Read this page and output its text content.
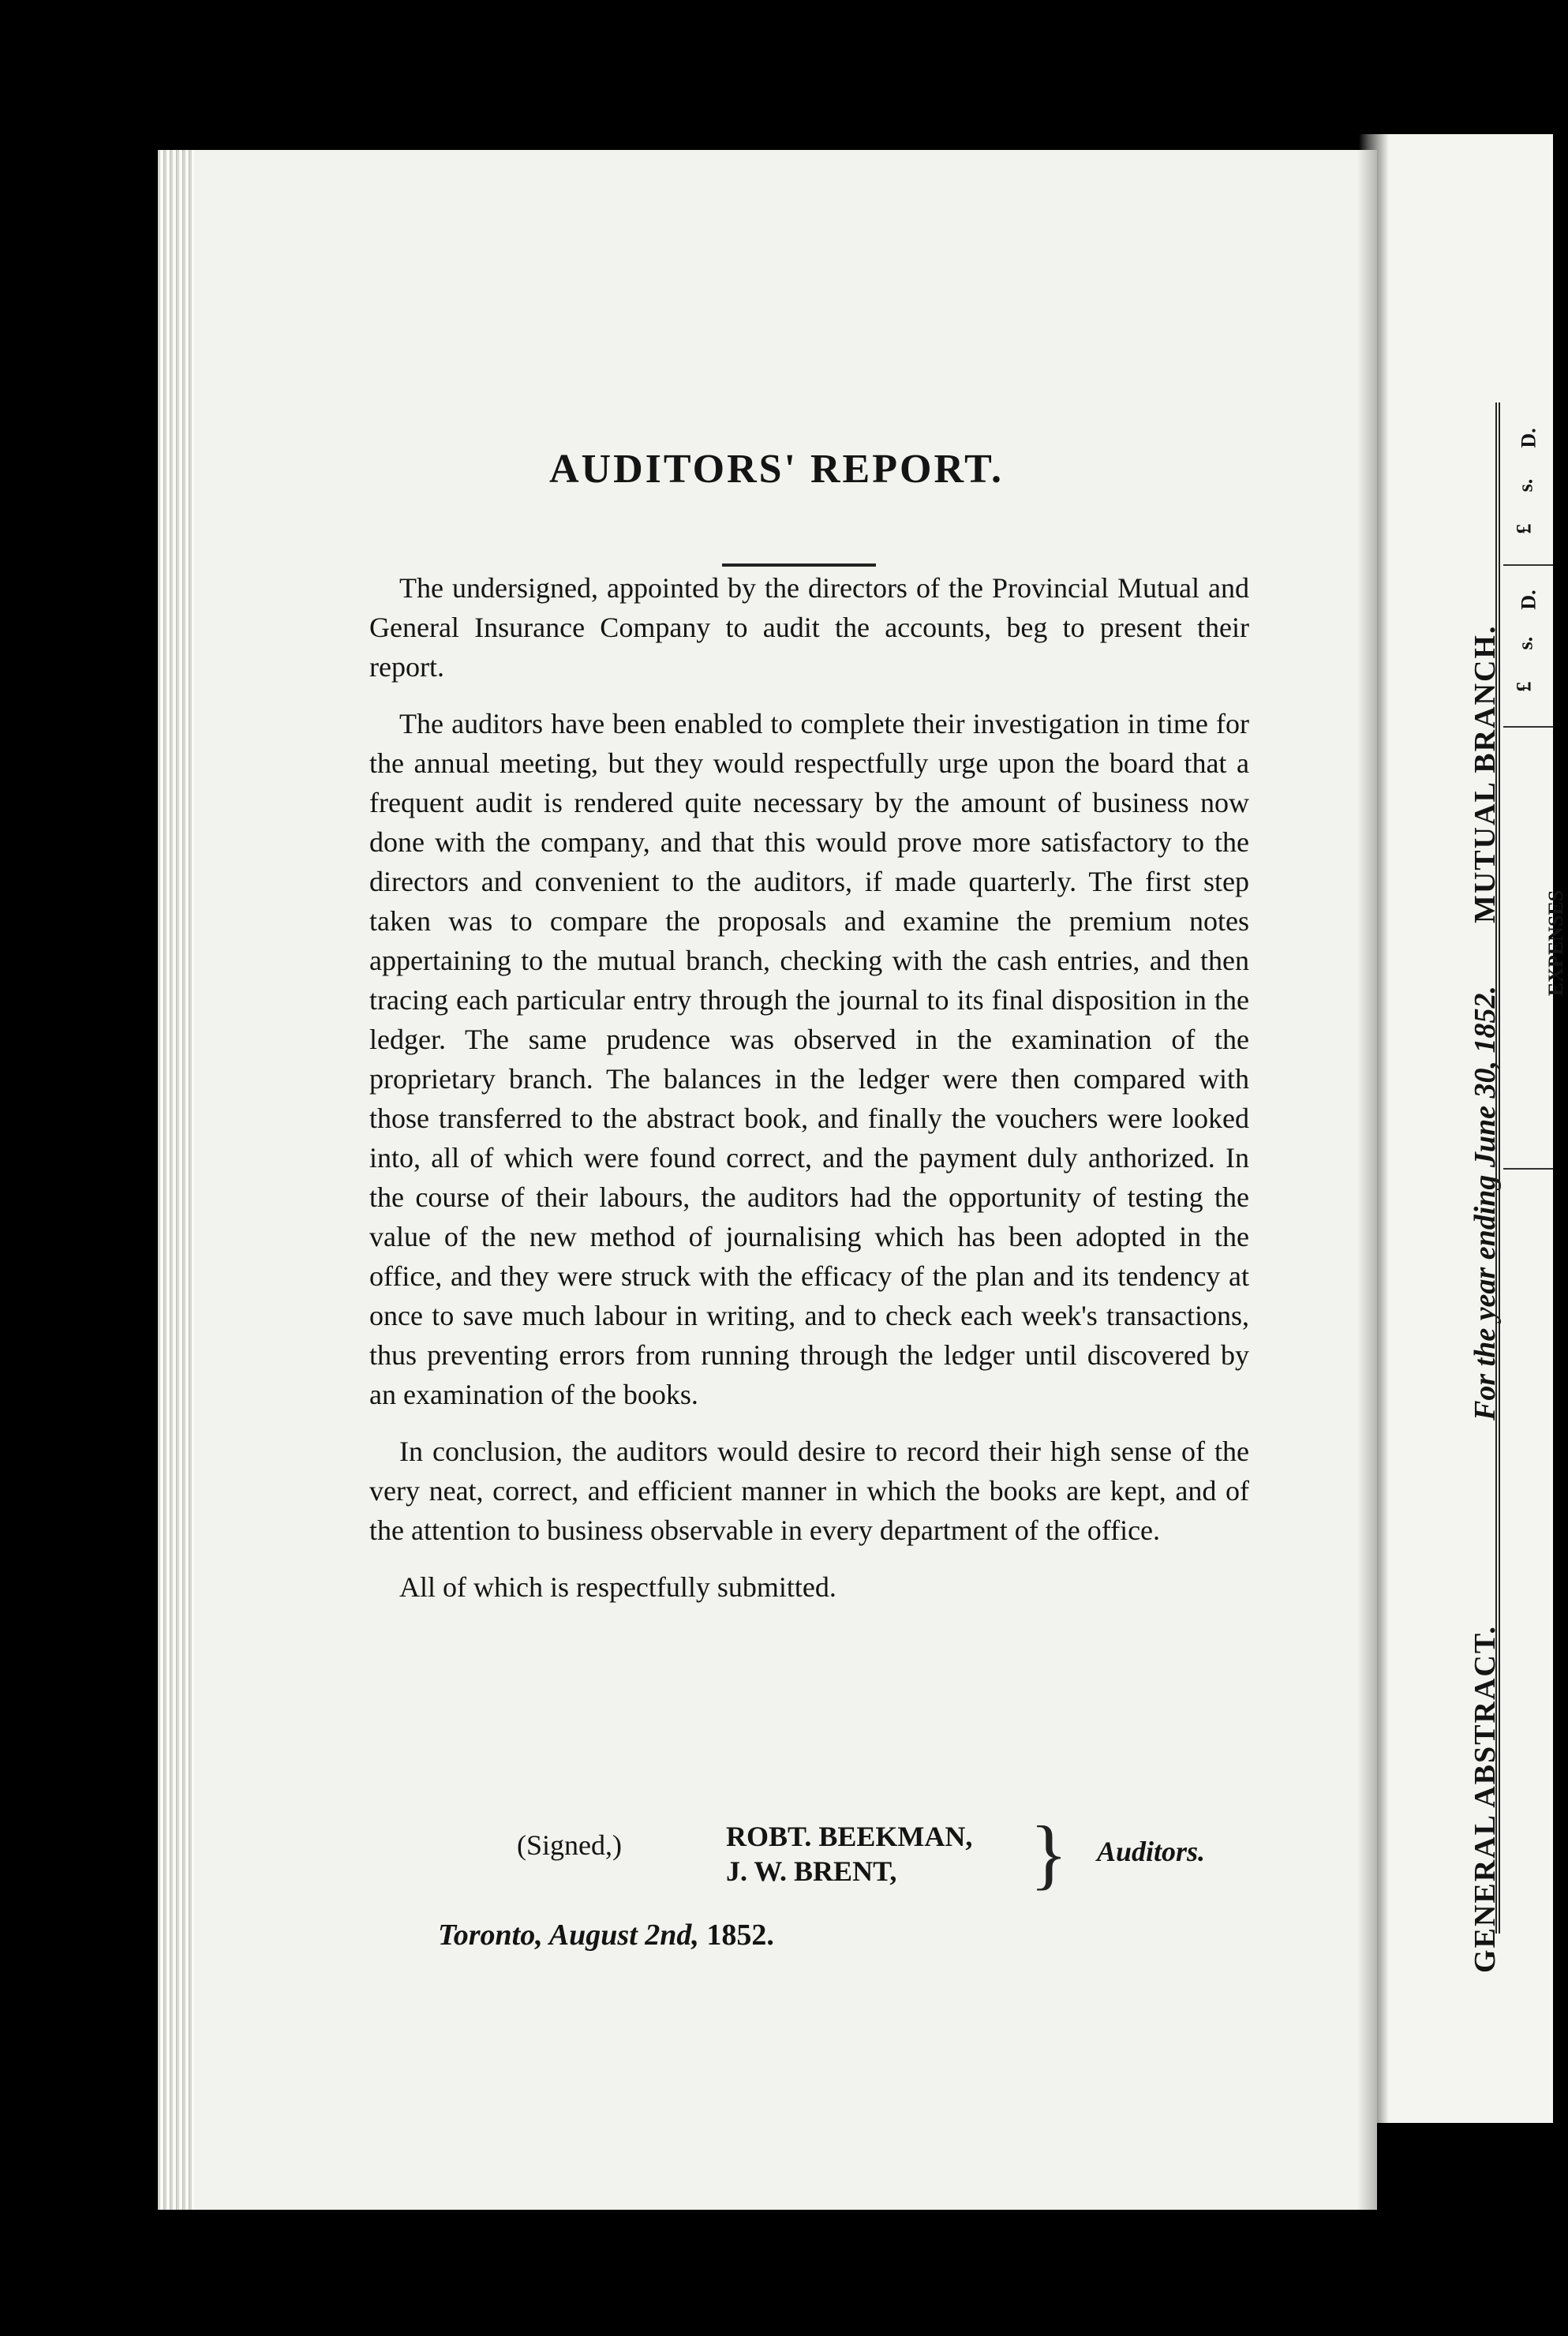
AUDITORS' REPORT.

The undersigned, appointed by the directors of the Provincial Mutual and General Insurance Company to audit the accounts, beg to present their report.

The auditors have been enabled to complete their investigation in time for the annual meeting, but they would respectfully urge upon the board that a frequent audit is rendered quite necessary by the amount of business now done with the company, and that this would prove more satisfactory to the directors and convenient to the auditors, if made quarterly. The first step taken was to compare the proposals and examine the premium notes appertaining to the mutual branch, checking with the cash entries, and then tracing each particular entry through the journal to its final disposition in the ledger. The same prudence was observed in the examination of the proprietary branch. The balances in the ledger were then compared with those transferred to the abstract book, and finally the vouchers were looked into, all of which were found correct, and the payment duly anthorized. In the course of their labours, the auditors had the opportunity of testing the value of the new method of journalising which has been adopted in the office, and they were struck with the efficacy of the plan and its tendency at once to save much labour in writing, and to check each week's transactions, thus preventing errors from running through the ledger until discovered by an examination of the books.

In conclusion, the auditors would desire to record their high sense of the very neat, correct, and efficient manner in which the books are kept, and of the attention to business observable in every department of the office.

All of which is respectfully submitted.

(Signed,)	ROBT. BEEKMAN,
J. W. BRENT,	} Auditors.
Toronto, August 2nd, 1852.	GENERAL ABSTRACT.
For the year ending June 30, 1852.
MUTUAL BRANCH.
EXPENSES
D.
s.
£
D.
s.
£
